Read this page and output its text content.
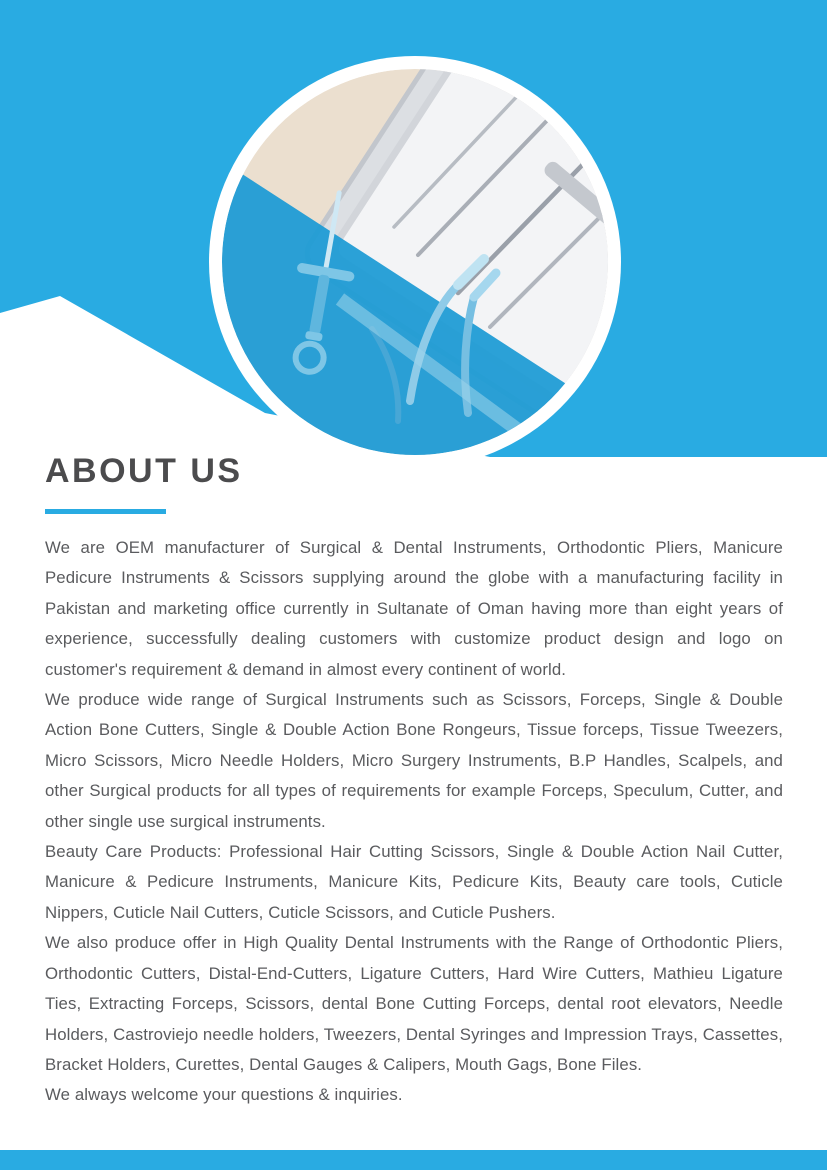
ABOUT US

We are OEM manufacturer of Surgical & Dental Instruments, Orthodontic Pliers, Manicure Pedicure Instruments & Scissors supplying around the globe with a manufacturing facility in Pakistan and marketing office currently in Sultanate of Oman having more than eight years of experience, successfully dealing customers with customize product design and logo on customer's requirement & demand in almost every continent of world.

We produce wide range of Surgical Instruments such as Scissors, Forceps, Single & Double Action Bone Cutters, Single & Double Action Bone Rongeurs, Tissue forceps, Tissue Tweezers, Micro Scissors, Micro Needle Holders, Micro Surgery Instruments, B.P Handles, Scalpels, and other Surgical products for all types of requirements for example Forceps, Speculum, Cutter, and other single use surgical instruments.

Beauty Care Products: Professional Hair Cutting Scissors, Single & Double Action Nail Cutter, Manicure & Pedicure Instruments, Manicure Kits, Pedicure Kits, Beauty care tools, Cuticle Nippers, Cuticle Nail Cutters, Cuticle Scissors, and Cuticle Pushers.

We also produce offer in High Quality Dental Instruments with the Range of Orthodontic Pliers, Orthodontic Cutters, Distal-End-Cutters, Ligature Cutters, Hard Wire Cutters, Mathieu Ligature Ties, Extracting Forceps, Scissors, dental Bone Cutting Forceps, dental root elevators, Needle Holders, Castroviejo needle holders, Tweezers, Dental Syringes and Impression Trays, Cassettes, Bracket Holders, Curettes, Dental Gauges & Calipers, Mouth Gags, Bone Files.

We always welcome your questions & inquiries.
